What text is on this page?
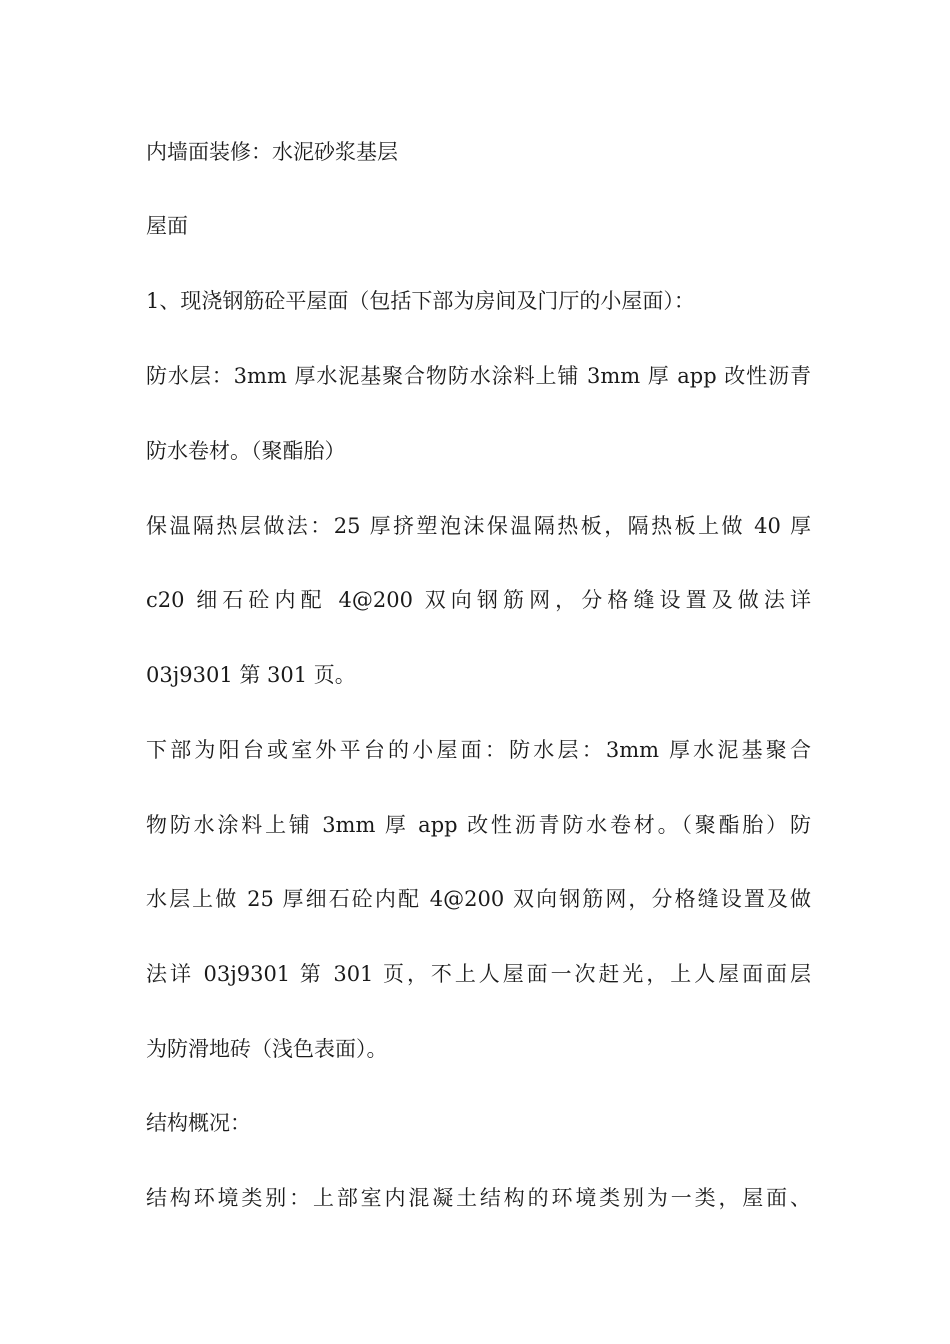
内墙面装修：水泥砂浆基层
屋面
1、现浇钢筋砼平屋面（包括下部为房间及门厅的小屋面）：
防水层：3mm 厚水泥基聚合物防水涂料上铺 3mm 厚 app 改性沥青
防水卷材。（聚酯胎）
保温隔热层做法：25 厚挤塑泡沫保温隔热板，隔热板上做 40 厚
c20 细石砼内配 4@200 双向钢筋网，分格缝设置及做法详
03j9301 第 301 页。
下部为阳台或室外平台的小屋面：防水层：3mm 厚水泥基聚合
物防水涂料上铺 3mm 厚 app 改性沥青防水卷材。（聚酯胎）防
水层上做 25 厚细石砼内配 4@200 双向钢筋网，分格缝设置及做
法详 03j9301 第 301 页，不上人屋面一次赶光，上人屋面面层
为防滑地砖（浅色表面）。
结构概况：
结构环境类别：上部室内混凝土结构的环境类别为一类，屋面、
